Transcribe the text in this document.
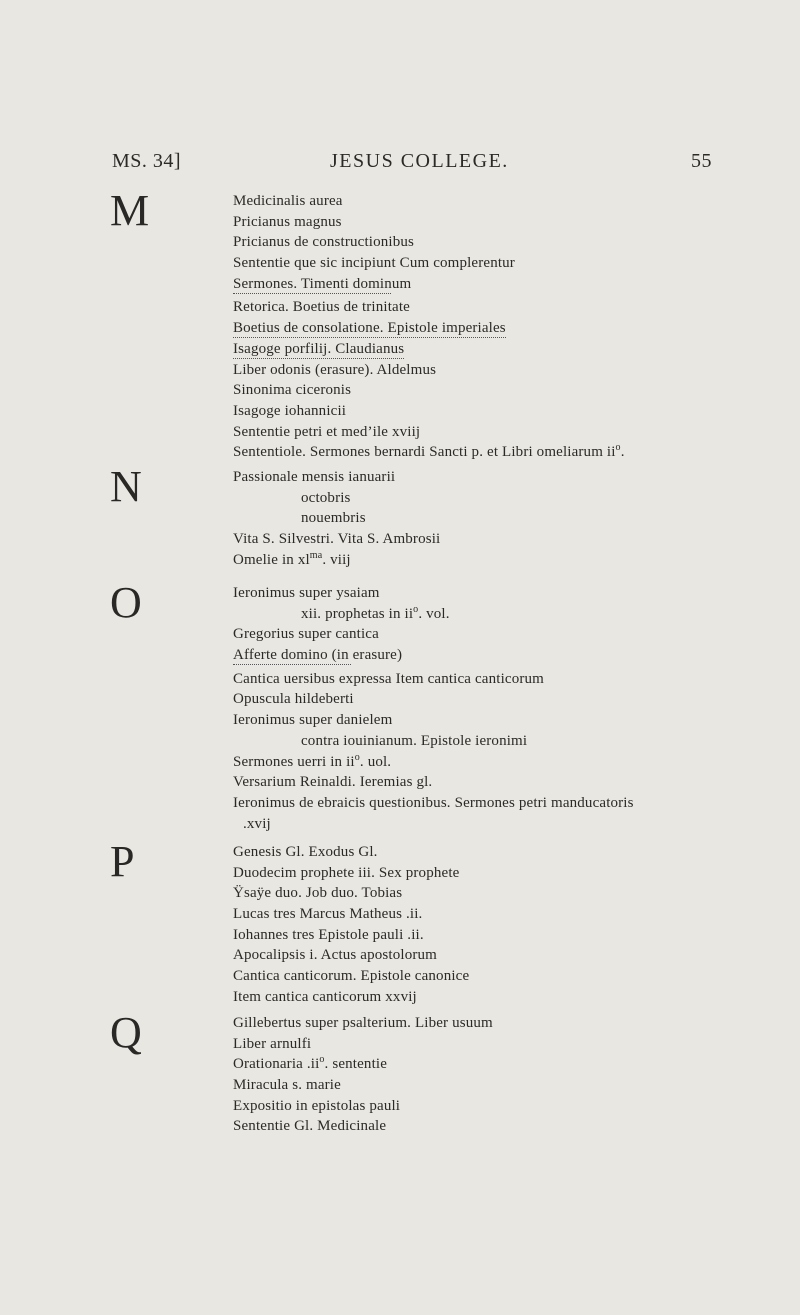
MS. 34]	JESUS COLLEGE.	55
M	Medicinalis aurea
Pricianus magnus
Pricianus de constructionibus
Sententie que sic incipiunt Cum complerentur
Sermones. Timenti dominum
Retorica. Boetius de trinitate
Boetius de consolatione. Epistole imperiales
Isagoge porfilij. Claudianus
Liber odonis (erasure). Aldelmus
Sinonima ciceronis
Isagoge iohannicii
Sententie petri et med’ile xviij
Sententiole. Sermones bernardi Sancti p. et Libri omeliarum $ii^o$.
N	Passionale mensis ianuarii
octobris
nouembris
Vita S. Silvestri. Vita S. Ambrosii
Omelie in $xl^{ma}$. viij
O	Ieronimus super ysaiam
xii. prophetas in $ii^o$. vol.
Gregorius super cantica
Afferte domino (in erasure)
Cantica uersibus expressa Item cantica canticorum
Opuscula hildeberti
Ieronimus super danielem
contra iouinianum. Epistole ieronimi
Sermones uerri in $ii^o$. uol.
Versarium Reinaldi. Ieremias gl.
Ieronimus de ebraicis questionibus. Sermones petri manducatoris
.xvij
P	Genesis Gl. Exodus Gl.
Duodecim prophete iii. Sex prophete
Ÿsaÿe duo. Job duo. Tobias
Lucas tres Marcus Matheus .ii.
Iohannes tres Epistole pauli .ii.
Apocalipsis i. Actus apostolorum
Cantica canticorum. Epistole canonice
Item cantica canticorum xxvij
Q	Gillebertus super psalterium. Liber usuum
Liber arnulfi
Orationaria $.ii^o$. sententie
Miracula s. marie
Expositio in epistolas pauli
Sententie Gl. Medicinale
